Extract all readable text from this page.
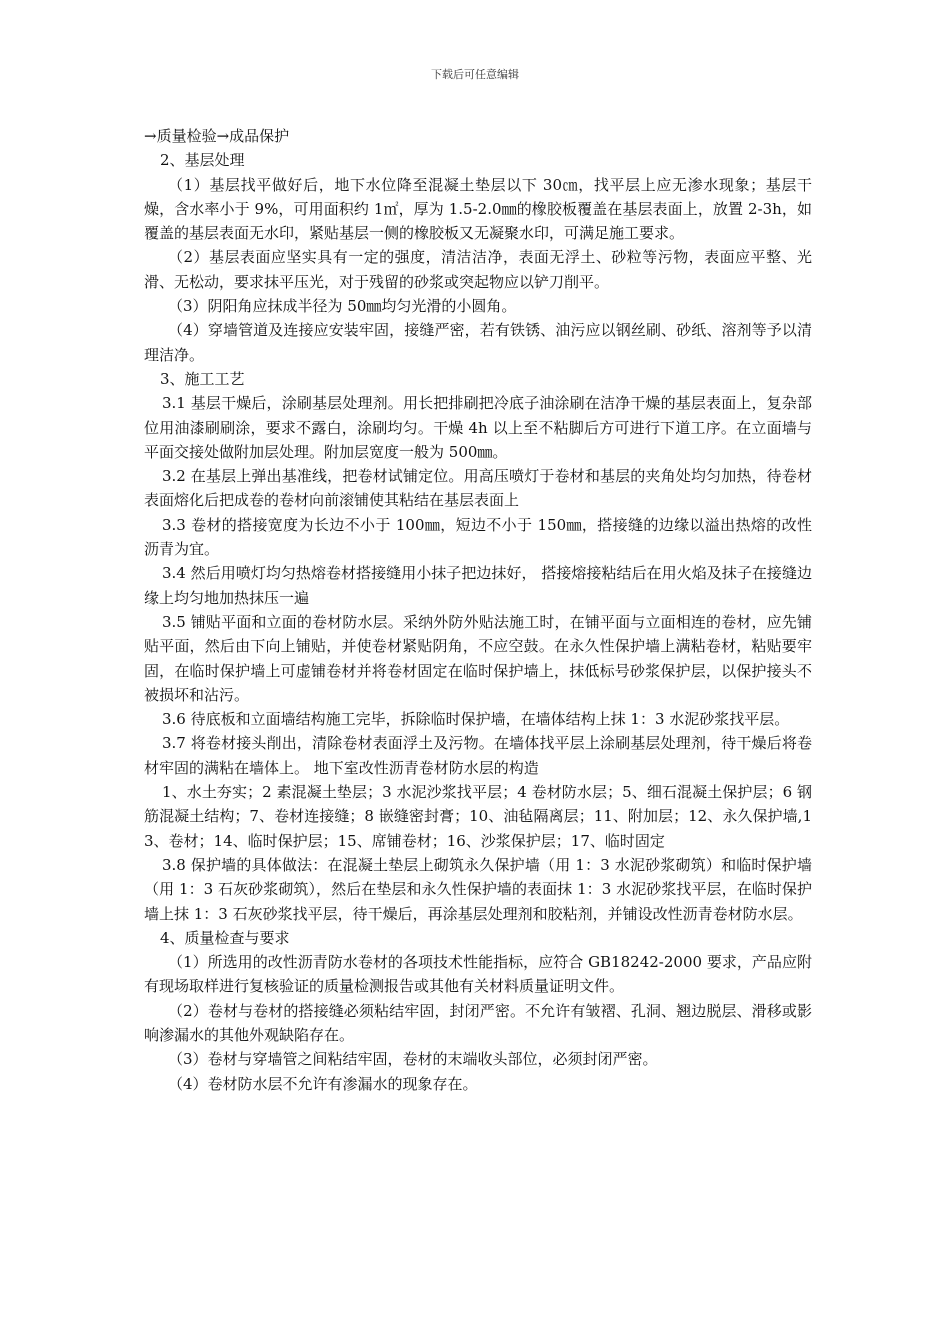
下载后可任意编辑

→质量检验→成品保护

2、基层处理

（1）基层找平做好后，地下水位降至混凝土垫层以下 30㎝，找平层上应无渗水现象；基层干燥，含水率小于 9%，可用面积约 1㎡，厚为 1.5-2.0㎜的橡胶板覆盖在基层表面上，放置 2-3h，如覆盖的基层表面无水印，紧贴基层一侧的橡胶板又无凝聚水印，可满足施工要求。

（2）基层表面应坚实具有一定的强度，清洁洁净，表面无浮土、砂粒等污物，表面应平整、光滑、无松动，要求抹平压光，对于残留的砂浆或突起物应以铲刀削平。

（3）阴阳角应抹成半径为 50㎜均匀光滑的小圆角。

（4）穿墙管道及连接应安装牢固，接缝严密，若有铁锈、油污应以钢丝刷、砂纸、溶剂等予以清理洁净。

3、施工工艺

3.1 基层干燥后，涂刷基层处理剂。用长把排刷把冷底子油涂刷在洁净干燥的基层表面上，复杂部位用油漆刷刷涂，要求不露白，涂刷均匀。干燥 4h 以上至不粘脚后方可进行下道工序。在立面墙与平面交接处做附加层处理。附加层宽度一般为 500㎜。

3.2 在基层上弹出基准线，把卷材试铺定位。用高压喷灯于卷材和基层的夹角处均匀加热，待卷材表面熔化后把成卷的卷材向前滚铺使其粘结在基层表面上

3.3 卷材的搭接宽度为长边不小于 100㎜，短边不小于 150㎜，搭接缝的边缘以溢出热熔的改性沥青为宜。

3.4 然后用喷灯均匀热熔卷材搭接缝用小抹子把边抹好， 搭接熔接粘结后在用火焰及抹子在接缝边缘上均匀地加热抹压一遍

3.5 铺贴平面和立面的卷材防水层。采纳外防外贴法施工时，在铺平面与立面相连的卷材，应先铺贴平面，然后由下向上铺贴，并使卷材紧贴阴角，不应空鼓。在永久性保护墙上满粘卷材，粘贴要牢固，在临时保护墙上可虚铺卷材并将卷材固定在临时保护墙上，抹低标号砂浆保护层，以保护接头不被损坏和沾污。

3.6 待底板和立面墙结构施工完毕，拆除临时保护墙，在墙体结构上抹 1：3 水泥砂浆找平层。

3.7 将卷材接头削出，清除卷材表面浮土及污物。在墙体找平层上涂刷基层处理剂，待干燥后将卷材牢固的满粘在墙体上。 地下室改性沥青卷材防水层的构造

1、水土夯实；2 素混凝土垫层；3 水泥沙浆找平层；4 卷材防水层；5、细石混凝土保护层；6 钢筋混凝土结构；7、卷材连接缝；8 嵌缝密封膏；10、油毡隔离层；11、附加层；12、永久保护墙,13、卷材；14、临时保护层；15、席铺卷材；16、沙浆保护层；17、临时固定

3.8 保护墙的具体做法：在混凝土垫层上砌筑永久保护墙（用 1：3 水泥砂浆砌筑）和临时保护墙（用 1：3 石灰砂浆砌筑），然后在垫层和永久性保护墙的表面抹 1：3 水泥砂浆找平层，在临时保护墙上抹 1：3 石灰砂浆找平层，待干燥后，再涂基层处理剂和胶粘剂，并铺设改性沥青卷材防水层。

4、质量检查与要求

（1）所选用的改性沥青防水卷材的各项技术性能指标，应符合 GB18242-2000 要求，产品应附有现场取样进行复核验证的质量检测报告或其他有关材料质量证明文件。

（2）卷材与卷材的搭接缝必须粘结牢固，封闭严密。不允许有皱褶、孔洞、翘边脱层、滑移或影响渗漏水的其他外观缺陷存在。

（3）卷材与穿墙管之间粘结牢固，卷材的末端收头部位，必须封闭严密。

（4）卷材防水层不允许有渗漏水的现象存在。
